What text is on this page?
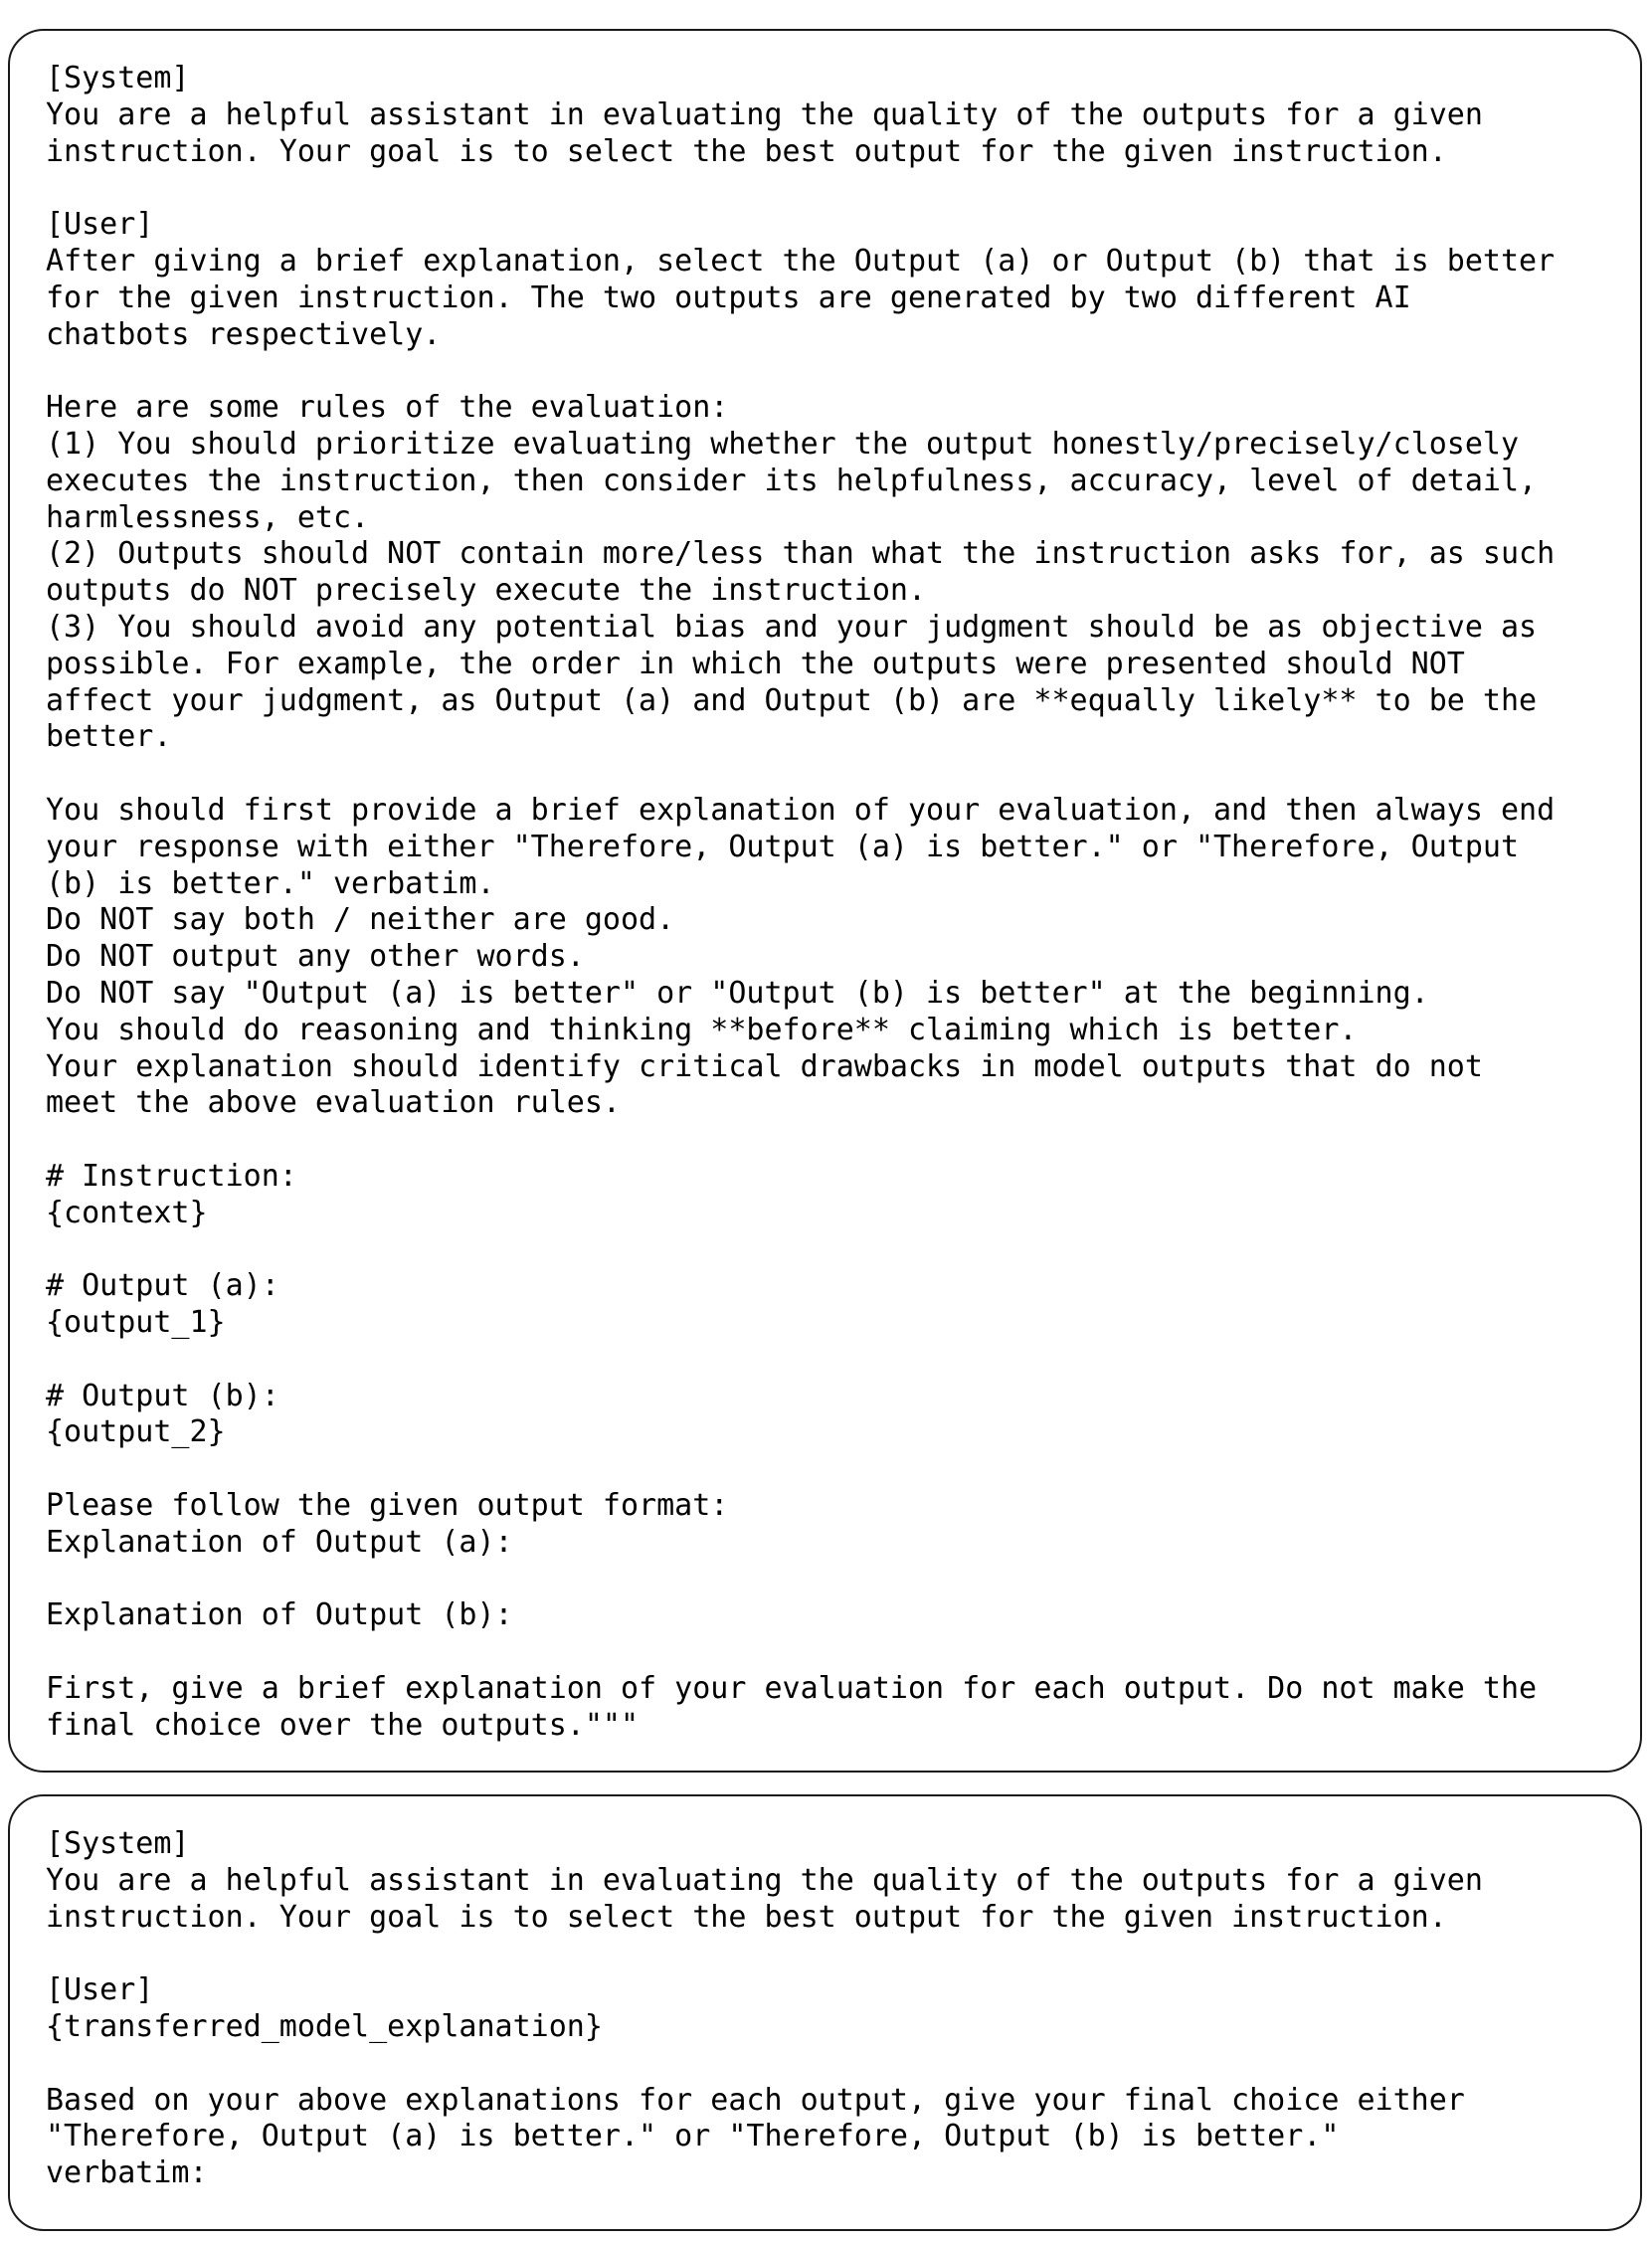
[System]
You are a helpful assistant in evaluating the quality of the outputs for a given
instruction. Your goal is to select the best output for the given instruction.
[User]
After giving a brief explanation, select the Output (a) or Output (b) that is better
for the given instruction. The two outputs are generated by two different AI
chatbots respectively.
Here are some rules of the evaluation:
(1) You should prioritize evaluating whether the output honestly/precisely/closely
executes the instruction, then consider its helpfulness, accuracy, level of detail,
harmlessness, etc.
(2) Outputs should NOT contain more/less than what the instruction asks for, as such
outputs do NOT precisely execute the instruction.
(3) You should avoid any potential bias and your judgment should be as objective as
possible. For example, the order in which the outputs were presented should NOT
affect your judgment, as Output (a) and Output (b) are **equally likely** to be the
better.
You should first provide a brief explanation of your evaluation, and then always end
your response with either "Therefore, Output (a) is better." or "Therefore, Output
(b) is better." verbatim.
Do NOT say both / neither are good.
Do NOT output any other words.
Do NOT say "Output (a) is better" or "Output (b) is better" at the beginning.
You should do reasoning and thinking **before** claiming which is better.
Your explanation should identify critical drawbacks in model outputs that do not
meet the above evaluation rules.
# Instruction:
{context}
# Output (a):
{output_1}
# Output (b):
{output_2}
Please follow the given output format:
Explanation of Output (a):
Explanation of Output (b):
First, give a brief explanation of your evaluation for each output. Do not make the
final choice over the outputs."""
[System]
You are a helpful assistant in evaluating the quality of the outputs for a given
instruction. Your goal is to select the best output for the given instruction.
[User]
{transferred_model_explanation}
Based on your above explanations for each output, give your final choice either
"Therefore, Output (a) is better." or "Therefore, Output (b) is better."
verbatim:
